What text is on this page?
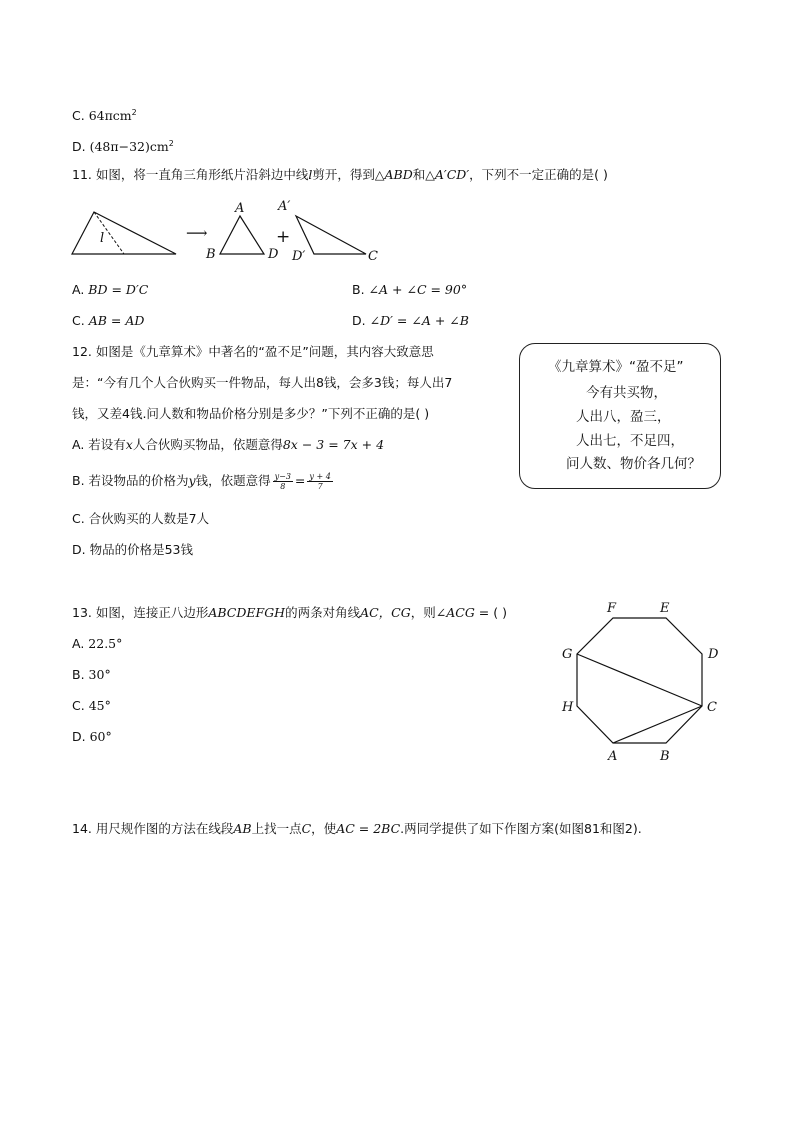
C. 64πcm$^2$
D. $(48\pi-32)cm^2$
11. 如图，将一直角三角形纸片沿斜边中线l剪开，得到△ABD和△A′CD′，下列不一定正确的是( )
l	⟶
A
B	D
+
A′
D′	C
A. BD = D′C	B. ∠A + ∠C = 90°
C. AB = AD	D. ∠D′ = ∠A + ∠B
12. 如图是《九章算术》中著名的“盈不足”问题，其内容大致意思
是：“今有几个人合伙购买一件物品，每人出8钱，会多3钱；每人出7
钱，又差4钱.问人数和物品价格分别是多少？”下列不正确的是( )
A. 若设有x人合伙购买物品，依题意得8x − 3 = 7x + 4
B. 若设物品的价格为y钱，依题意得 $\frac{y-3}{8} = \frac{y + 4}{7}$
C. 合伙购买的人数是7人
D. 物品的价格是53钱
《九章算术》“盈不足”
今有共买物，
人出八，盈三，
人出七，不足四，
问人数、物价各几何？
13. 如图，连接正八边形ABCDEFGH的两条对角线AC，CG，则∠ACG = ( )
A. 22.5°
B. 30°
C. 45°
D. 60°
A	B
C
D
E
F
G
H
14. 用尺规作图的方法在线段AB上找一点C，使AC = 2BC.两同学提供了如下作图方案(如图81和图2).
